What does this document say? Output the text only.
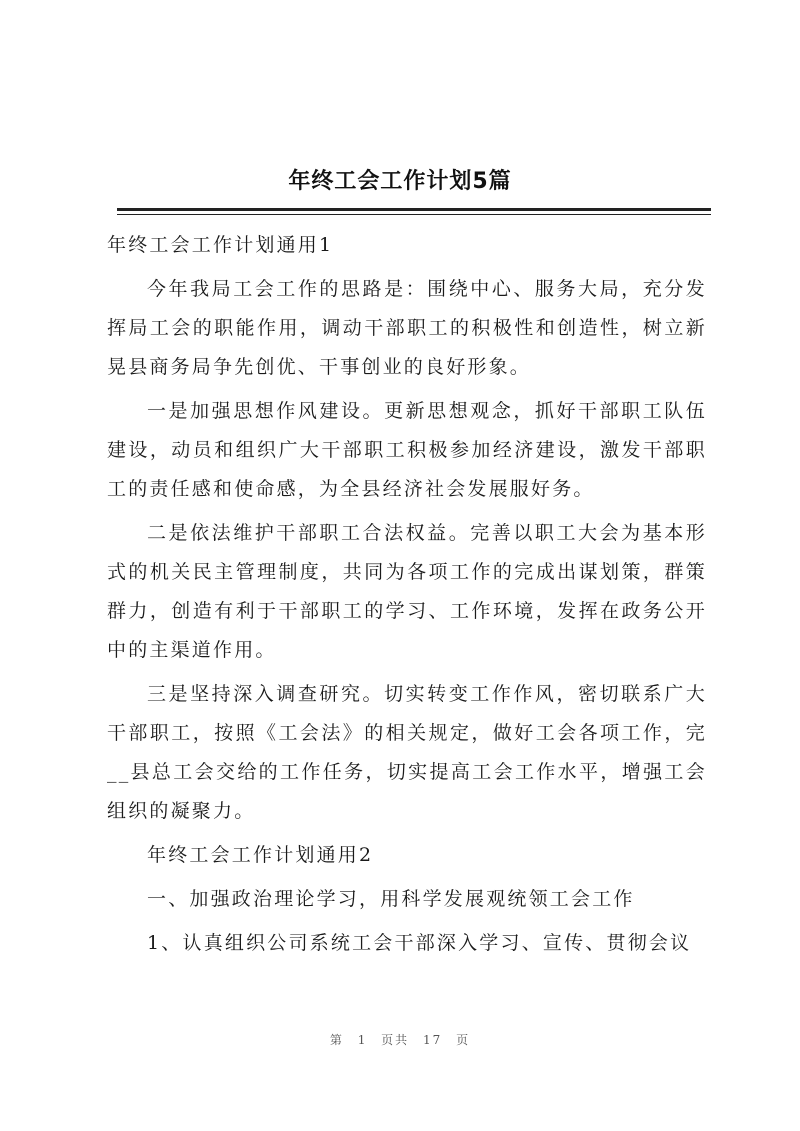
年终工会工作计划5篇
年终工会工作计划通用1
今年我局工会工作的思路是：围绕中心、服务大局，充分发
挥局工会的职能作用，调动干部职工的积极性和创造性，树立新
晃县商务局争先创优、干事创业的良好形象。
一是加强思想作风建设。更新思想观念，抓好干部职工队伍
建设，动员和组织广大干部职工积极参加经济建设，激发干部职
工的责任感和使命感，为全县经济社会发展服好务。
二是依法维护干部职工合法权益。完善以职工大会为基本形
式的机关民主管理制度，共同为各项工作的完成出谋划策，群策
群力，创造有利于干部职工的学习、工作环境，发挥在政务公开
中的主渠道作用。
三是坚持深入调查研究。切实转变工作作风，密切联系广大
干部职工，按照《工会法》的相关规定，做好工会各项工作，完
__县总工会交给的工作任务，切实提高工会工作水平，增强工会
组织的凝聚力。
年终工会工作计划通用2
一、加强政治理论学习，用科学发展观统领工会工作
1、认真组织公司系统工会干部深入学习、宣传、贯彻会议
第 1 页共 17 页
